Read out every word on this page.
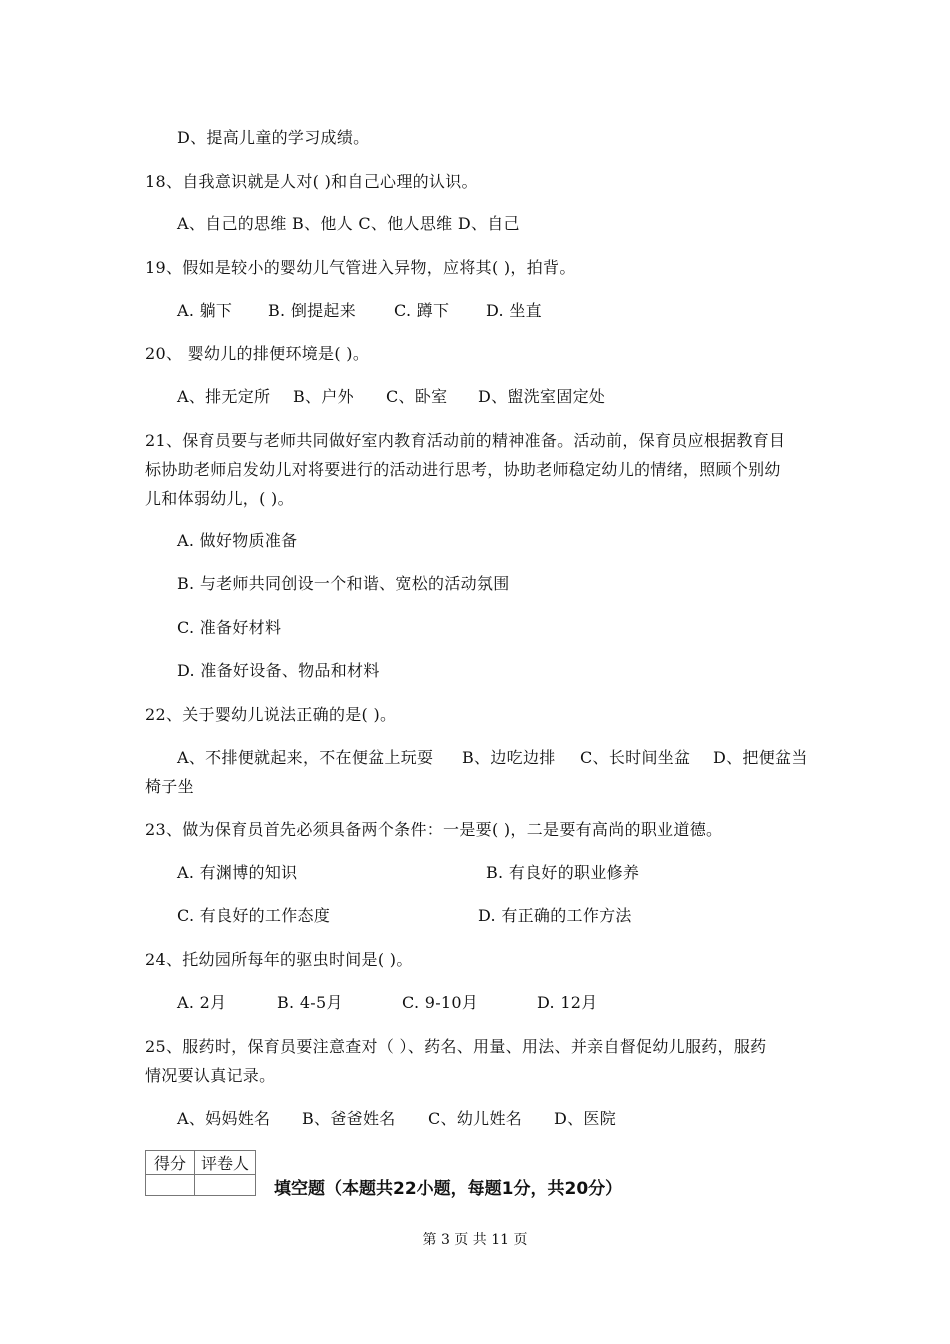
D、提高儿童的学习成绩。
18、自我意识就是人对( )和自己心理的认识。
A、自己的思维 B、他人 C、他人思维 D、自己
19、假如是较小的婴幼儿气管进入异物，应将其( )，拍背。
A. 躺下 B. 倒提起来 C. 蹲下 D. 坐直
20、 婴幼儿的排便环境是( )。
A、排无定所 B、户外 C、卧室 D、盥洗室固定处
21、保育员要与老师共同做好室内教育活动前的精神准备。活动前，保育员应根据教育目
标协助老师启发幼儿对将要进行的活动进行思考，协助老师稳定幼儿的情绪，照顾个别幼
儿和体弱幼儿，( )。
A. 做好物质准备
B. 与老师共同创设一个和谐、宽松的活动氛围
C. 准备好材料
D. 准备好设备、物品和材料
22、关于婴幼儿说法正确的是( )。
A、不排便就起来，不在便盆上玩耍 B、边吃边排 C、长时间坐盆 D、把便盆当
椅子坐
23、做为保育员首先必须具备两个条件：一是要( )，二是要有高尚的职业道德。
A. 有渊博的知识	B. 有良好的职业修养
C. 有良好的工作态度	D. 有正确的工作方法
24、托幼园所每年的驱虫时间是( )。
A. 2月	B. 4-5月	C. 9-10月	D. 12月
25、服药时，保育员要注意查对（ ）、药名、用量、用法、并亲自督促幼儿服药，服药
情况要认真记录。
A、妈妈姓名 B、爸爸姓名 C、幼儿姓名 D、医院
得分	评卷人

填空题（本题共22小题，每题1分，共20分）
第 3 页 共 11 页
